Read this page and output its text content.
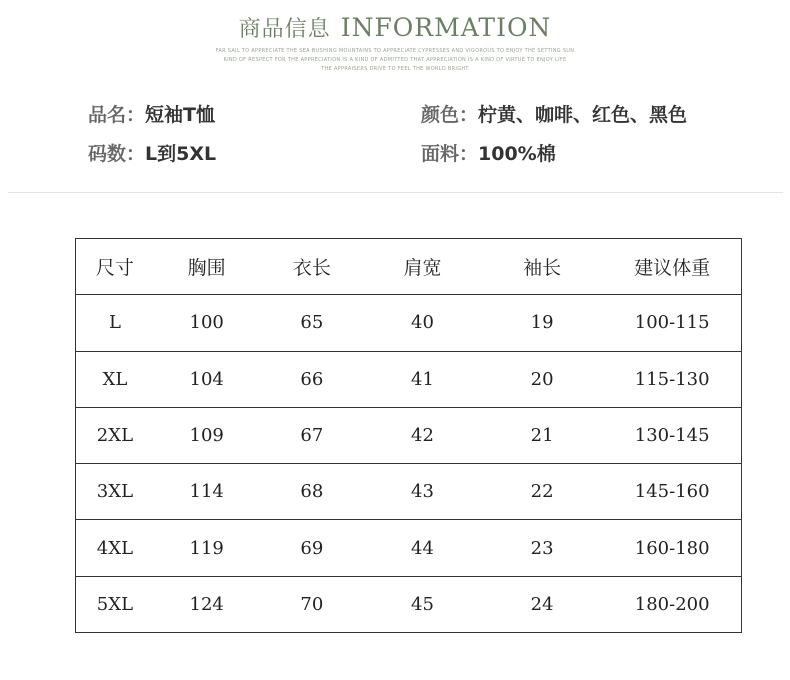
商品信息 INFORMATION
FAR SAIL TO APPRECIATE THE SEA BUSHING MOUNTAINS TO APPRECIATE CYPRESSES AND VIGOROUS TO ENJOY THE SETTING SUN
KIND OF RESPECT FOR THE APPRECIATION IS A KIND OF ADMITTED THAT APPRECIATION IS A KIND OF VIRTUE TO ENJOY LIFE
THE APPRAISERS DRIVE TO FEEL THE WORLD BRIGHT
品名：短袖T恤	颜色：柠黄、咖啡、红色、黑色
码数：L到5XL	面料：100%棉
尺寸	胸围	衣长	肩宽	袖长	建议体重
L	100	65	40	19	100-115
XL	104	66	41	20	115-130
2XL	109	67	42	21	130-145
3XL	114	68	43	22	145-160
4XL	119	69	44	23	160-180
5XL	124	70	45	24	180-200
